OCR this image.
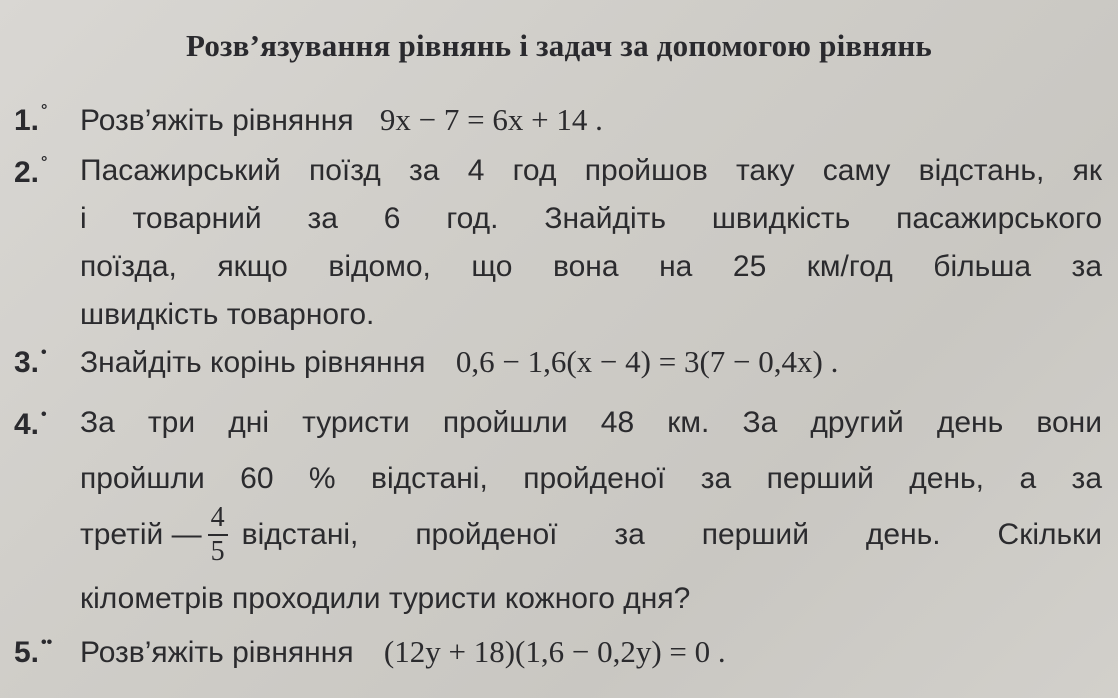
Розв’язування рівнянь і задач за допомогою рівнянь
1. ° Розв’яжіть рівняння 9x − 7 = 6x + 14 .
2. ° Пасажирський поїзд за 4 год пройшов таку саму відстань, як
і товарний за 6 год. Знайдіть швидкість пасажирського
поїзда, якщо відомо, що вона на 25 км/год більша за
швидкість товарного.
3. • Знайдіть корінь рівняння 0,6 − 1,6(x − 4) = 3(7 − 0,4x) .
4. • За три дні туристи пройшли 48 км. За другий день вони
пройшли 60 % відстані, пройденої за перший день, а за
третій — $\frac{4}{5}$ відстані, пройденої за перший день. Скільки
кілометрів проходили туристи кожного дня?
5. •• Розв’яжіть рівняння (12y + 18)(1,6 − 0,2y) = 0 .
